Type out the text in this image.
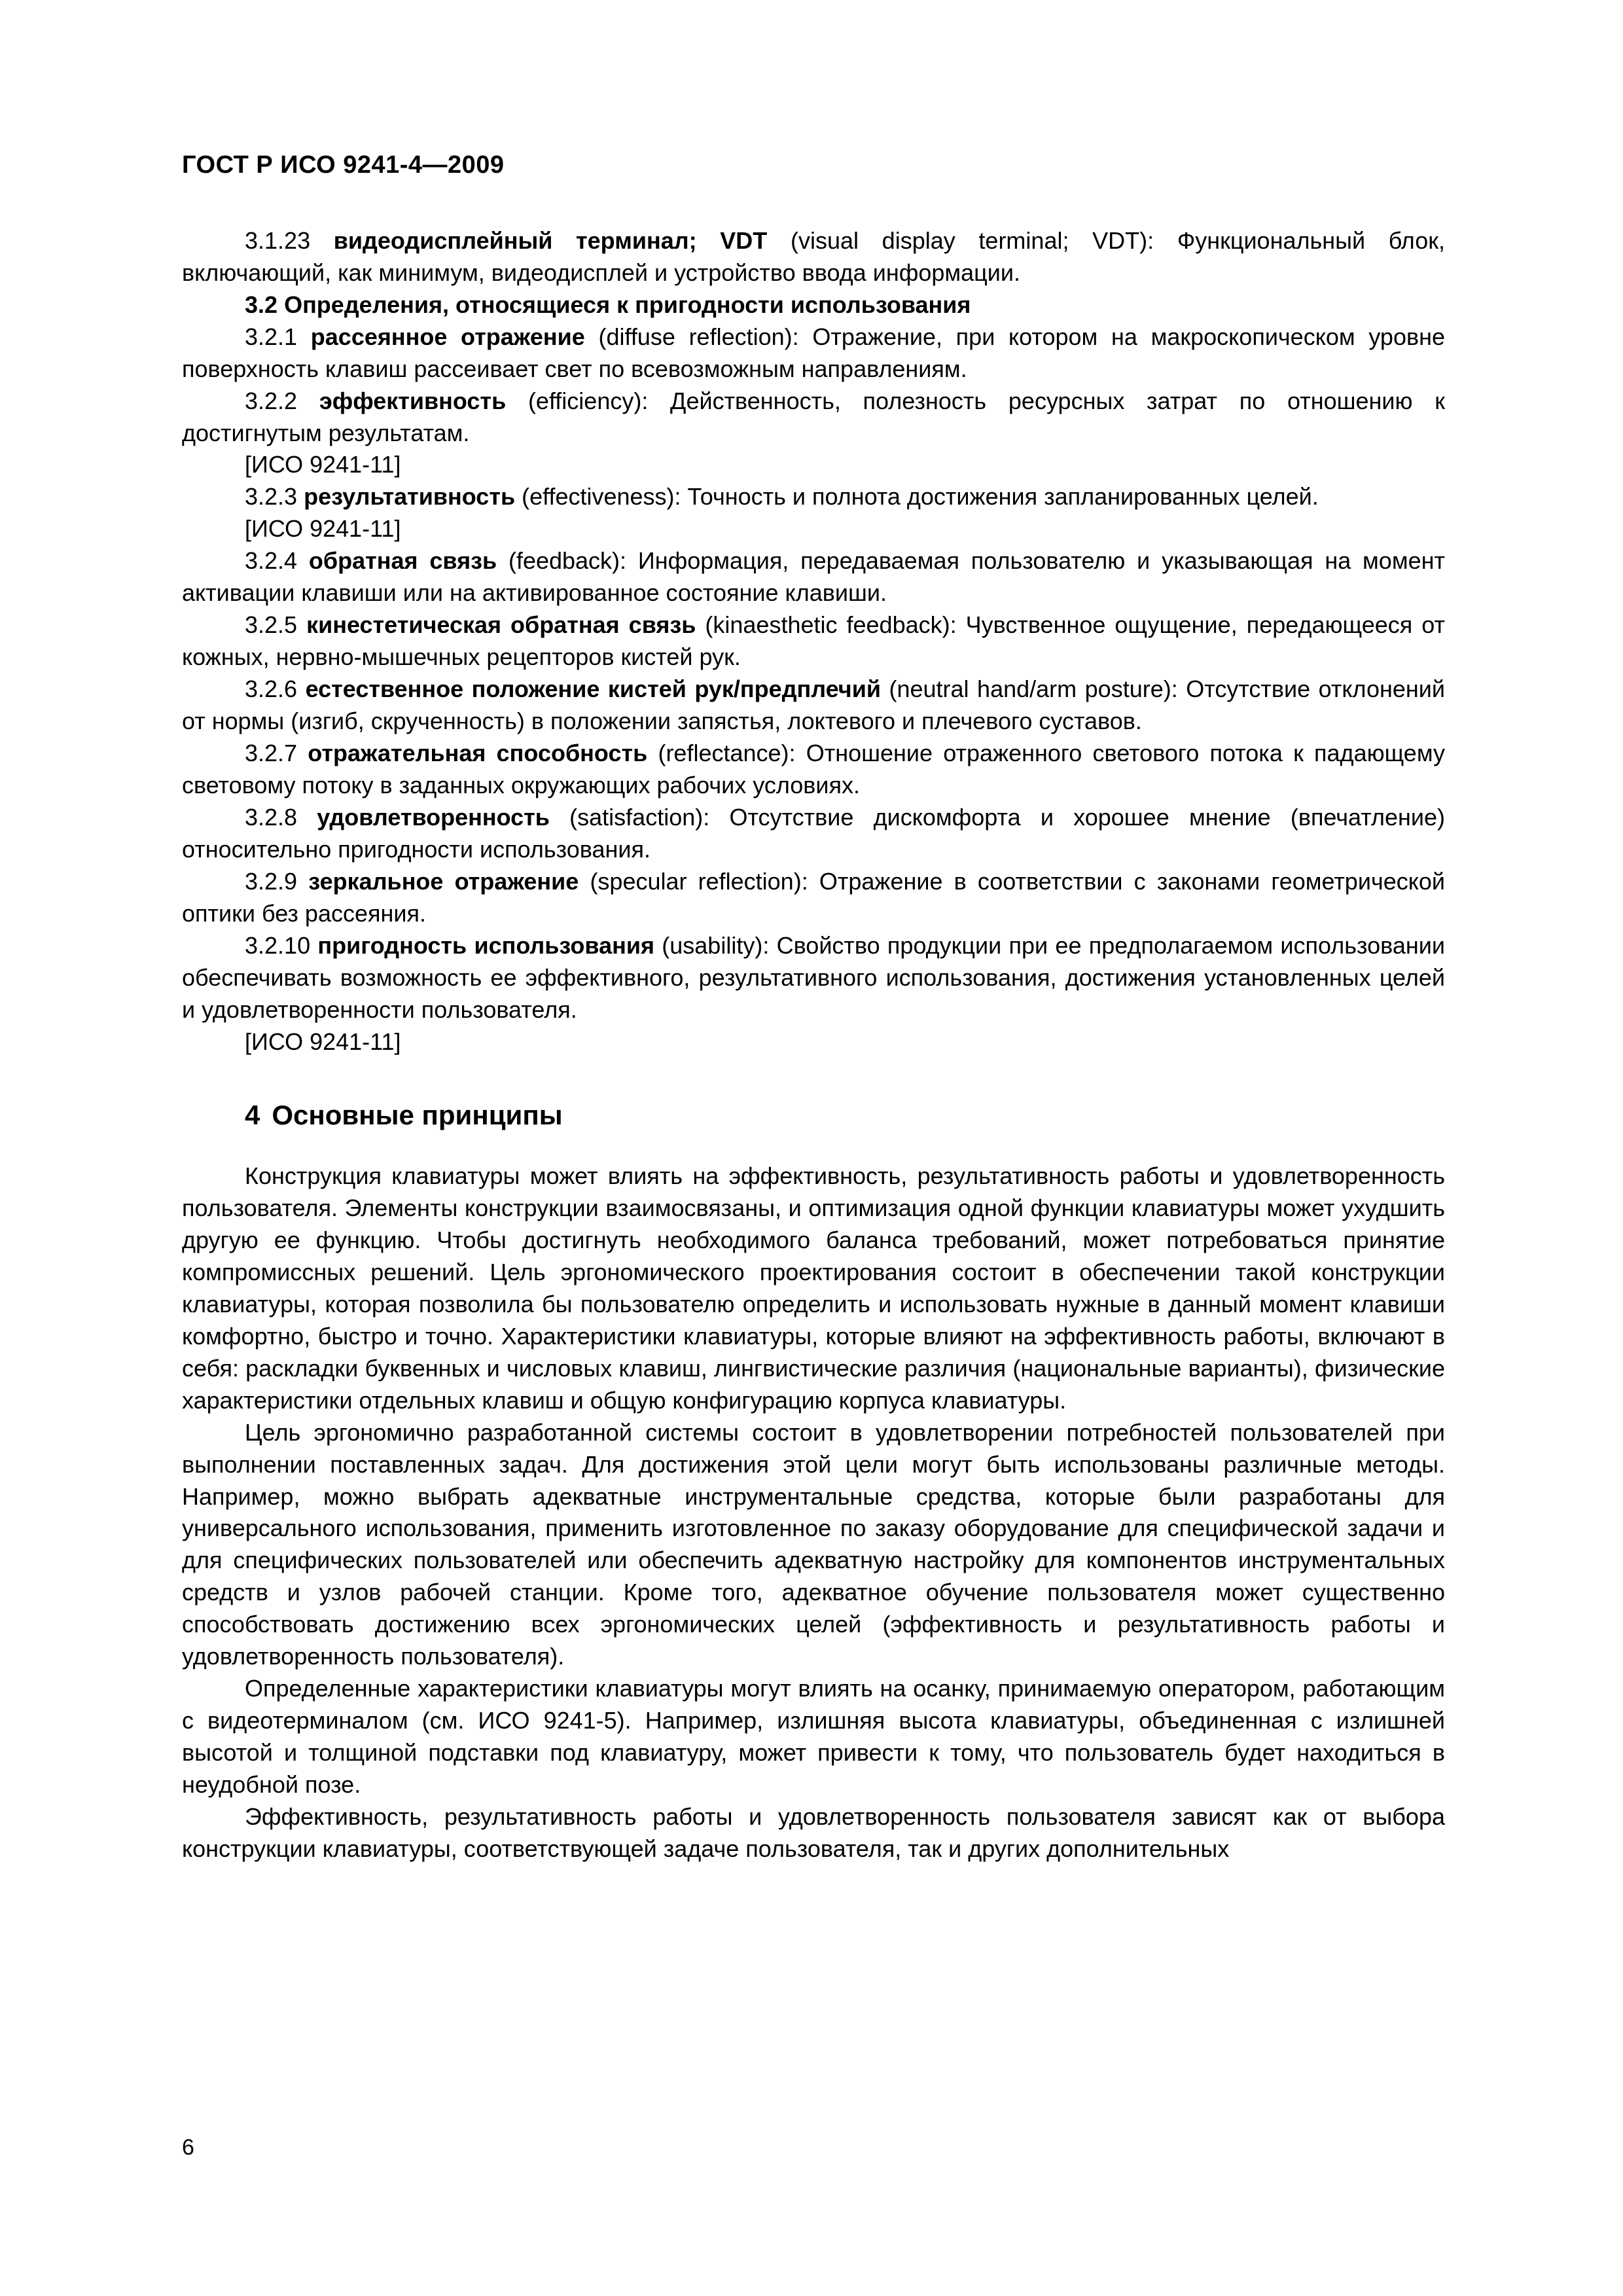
ГОСТ Р ИСО 9241-4—2009

3.1.23 видеодисплейный терминал; VDT (visual display terminal; VDT): Функциональный блок, включающий, как минимум, видеодисплей и устройство ввода информации.

3.2 Определения, относящиеся к пригодности использования

3.2.1 рассеянное отражение (diffuse reflection): Отражение, при котором на макроскопическом уровне поверхность клавиш рассеивает свет по всевозможным направлениям.

3.2.2 эффективность (efficiency): Действенность, полезность ресурсных затрат по отношению к достигнутым результатам.

[ИСО 9241-11]

3.2.3 результативность (effectiveness): Точность и полнота достижения запланированных целей.

[ИСО 9241-11]

3.2.4 обратная связь (feedback): Информация, передаваемая пользователю и указывающая на момент активации клавиши или на активированное состояние клавиши.

3.2.5 кинестетическая обратная связь (kinaesthetic feedback): Чувственное ощущение, передающееся от кожных, нервно-мышечных рецепторов кистей рук.

3.2.6 естественное положение кистей рук/предплечий (neutral hand/arm posture): Отсутствие отклонений от нормы (изгиб, скрученность) в положении запястья, локтевого и плечевого суставов.

3.2.7 отражательная способность (reflectance): Отношение отраженного светового потока к падающему световому потоку в заданных окружающих рабочих условиях.

3.2.8 удовлетворенность (satisfaction): Отсутствие дискомфорта и хорошее мнение (впечатление) относительно пригодности использования.

3.2.9 зеркальное отражение (specular reflection): Отражение в соответствии с законами геометрической оптики без рассеяния.

3.2.10 пригодность использования (usability): Свойство продукции при ее предполагаемом использовании обеспечивать возможность ее эффективного, результативного использования, достижения установленных целей и удовлетворенности пользователя.

[ИСО 9241-11]

4 Основные принципы

Конструкция клавиатуры может влиять на эффективность, результативность работы и удовлетворенность пользователя. Элементы конструкции взаимосвязаны, и оптимизация одной функции клавиатуры может ухудшить другую ее функцию. Чтобы достигнуть необходимого баланса требований, может потребоваться принятие компромиссных решений. Цель эргономического проектирования состоит в обеспечении такой конструкции клавиатуры, которая позволила бы пользователю определить и использовать нужные в данный момент клавиши комфортно, быстро и точно. Характеристики клавиатуры, которые влияют на эффективность работы, включают в себя: раскладки буквенных и числовых клавиш, лингвистические различия (национальные варианты), физические характеристики отдельных клавиш и общую конфигурацию корпуса клавиатуры.

Цель эргономично разработанной системы состоит в удовлетворении потребностей пользователей при выполнении поставленных задач. Для достижения этой цели могут быть использованы различные методы. Например, можно выбрать адекватные инструментальные средства, которые были разработаны для универсального использования, применить изготовленное по заказу оборудование для специфической задачи и для специфических пользователей или обеспечить адекватную настройку для компонентов инструментальных средств и узлов рабочей станции. Кроме того, адекватное обучение пользователя может существенно способствовать достижению всех эргономических целей (эффективность и результативность работы и удовлетворенность пользователя).

Определенные характеристики клавиатуры могут влиять на осанку, принимаемую оператором, работающим с видеотерминалом (см. ИСО 9241-5). Например, излишняя высота клавиатуры, объединенная с излишней высотой и толщиной подставки под клавиатуру, может привести к тому, что пользователь будет находиться в неудобной позе.

Эффективность, результативность работы и удовлетворенность пользователя зависят как от выбора конструкции клавиатуры, соответствующей задаче пользователя, так и других дополнительных

6
